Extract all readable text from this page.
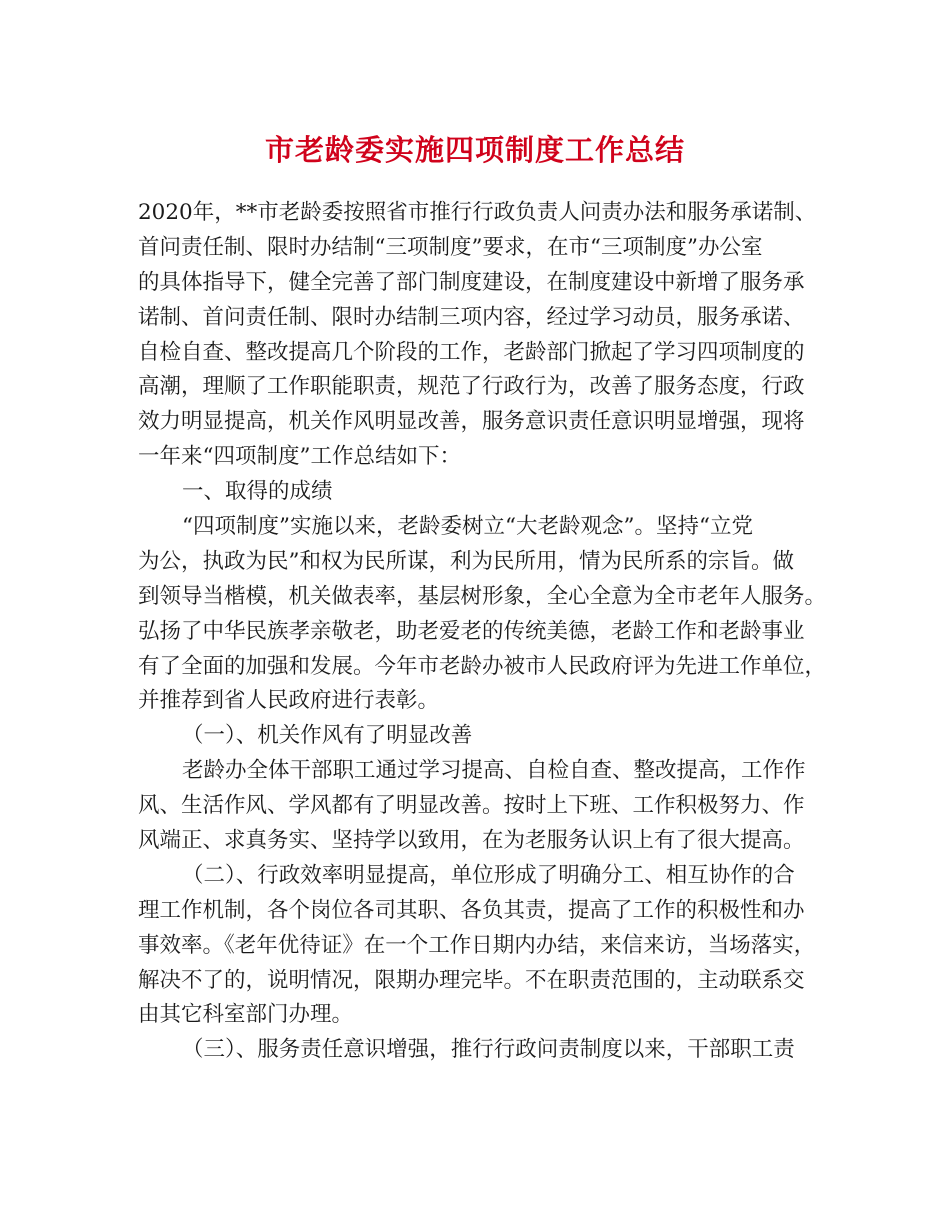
市老龄委实施四项制度工作总结
2020年，**市老龄委按照省市推行行政负责人问责办法和服务承诺制、
首问责任制、限时办结制“三项制度”要求，在市“三项制度”办公室
的具体指导下，健全完善了部门制度建设，在制度建设中新增了服务承
诺制、首问责任制、限时办结制三项内容，经过学习动员，服务承诺、
自检自查、整改提高几个阶段的工作，老龄部门掀起了学习四项制度的
高潮，理顺了工作职能职责，规范了行政行为，改善了服务态度，行政
效力明显提高，机关作风明显改善，服务意识责任意识明显增强，现将
一年来“四项制度”工作总结如下：
一、取得的成绩
“四项制度”实施以来，老龄委树立“大老龄观念”。坚持“立党
为公，执政为民”和权为民所谋，利为民所用，情为民所系的宗旨。做
到领导当楷模，机关做表率，基层树形象，全心全意为全市老年人服务。
弘扬了中华民族孝亲敬老，助老爱老的传统美德，老龄工作和老龄事业
有了全面的加强和发展。今年市老龄办被市人民政府评为先进工作单位，
并推荐到省人民政府进行表彰。
（一）、机关作风有了明显改善
老龄办全体干部职工通过学习提高、自检自查、整改提高，工作作
风、生活作风、学风都有了明显改善。按时上下班、工作积极努力、作
风端正、求真务实、坚持学以致用，在为老服务认识上有了很大提高。
（二）、行政效率明显提高，单位形成了明确分工、相互协作的合
理工作机制，各个岗位各司其职、各负其责，提高了工作的积极性和办
事效率。《老年优待证》在一个工作日期内办结，来信来访，当场落实，
解决不了的，说明情况，限期办理完毕。不在职责范围的，主动联系交
由其它科室部门办理。
（三）、服务责任意识增强，推行行政问责制度以来，干部职工责
